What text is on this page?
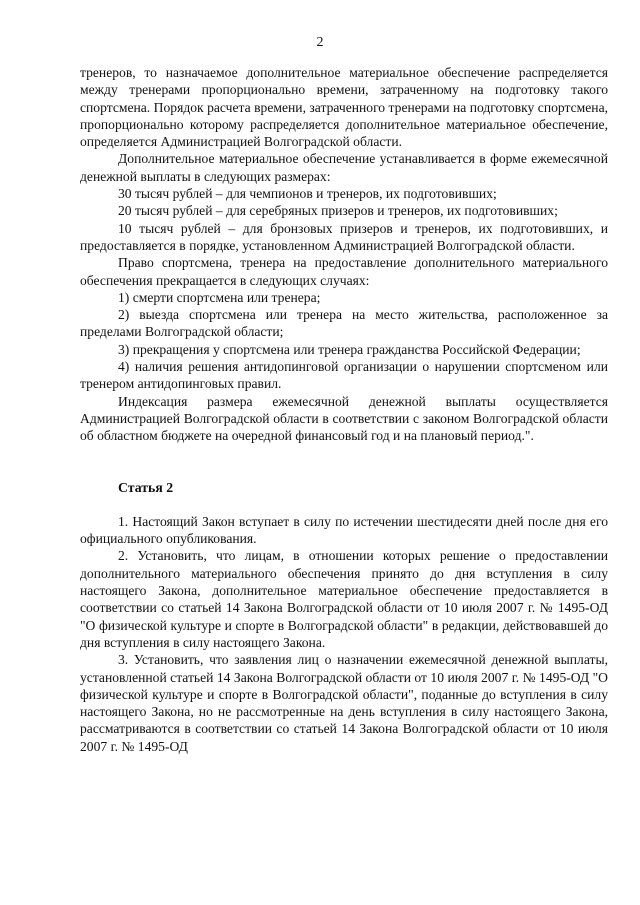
2

тренеров, то назначаемое дополнительное материальное обеспечение распределяется между тренерами пропорционально времени, затраченному на подготовку такого спортсмена. Порядок расчета времени, затраченного тренерами на подготовку спортсмена, пропорционально которому распределяется дополнительное материальное обеспечение, определяется Администрацией Волгоградской области.

Дополнительное материальное обеспечение устанавливается в форме ежемесячной денежной выплаты в следующих размерах:

30 тысяч рублей – для чемпионов и тренеров, их подготовивших;

20 тысяч рублей – для серебряных призеров и тренеров, их подготовивших;

10 тысяч рублей – для бронзовых призеров и тренеров, их подготовивших, и предоставляется в порядке, установленном Администрацией Волгоградской области.

Право спортсмена, тренера на предоставление дополнительного материального обеспечения прекращается в следующих случаях:

1) смерти спортсмена или тренера;

2) выезда спортсмена или тренера на место жительства, расположенное за пределами Волгоградской области;

3) прекращения у спортсмена или тренера гражданства Российской Федерации;

4) наличия решения антидопинговой организации о нарушении спортсменом или тренером антидопинговых правил.

Индексация размера ежемесячной денежной выплаты осуществляется Администрацией Волгоградской области в соответствии с законом Волгоградской области об областном бюджете на очередной финансовый год и на плановый период.".

Статья 2

1. Настоящий Закон вступает в силу по истечении шестидесяти дней после дня его официального опубликования.

2. Установить, что лицам, в отношении которых решение о предоставлении дополнительного материального обеспечения принято до дня вступления в силу настоящего Закона, дополнительное материальное обеспечение предоставляется в соответствии со статьей 14 Закона Волгоградской области от 10 июля 2007 г. № 1495-ОД "О физической культуре и спорте в Волгоградской области" в редакции, действовавшей до дня вступления в силу настоящего Закона.

3. Установить, что заявления лиц о назначении ежемесячной денежной выплаты, установленной статьей 14 Закона Волгоградской области от 10 июля 2007 г. № 1495-ОД "О физической культуре и спорте в Волгоградской области", поданные до вступления в силу настоящего Закона, но не рассмотренные на день вступления в силу настоящего Закона, рассматриваются в соответствии со статьей 14 Закона Волгоградской области от 10 июля 2007 г. № 1495-ОД
